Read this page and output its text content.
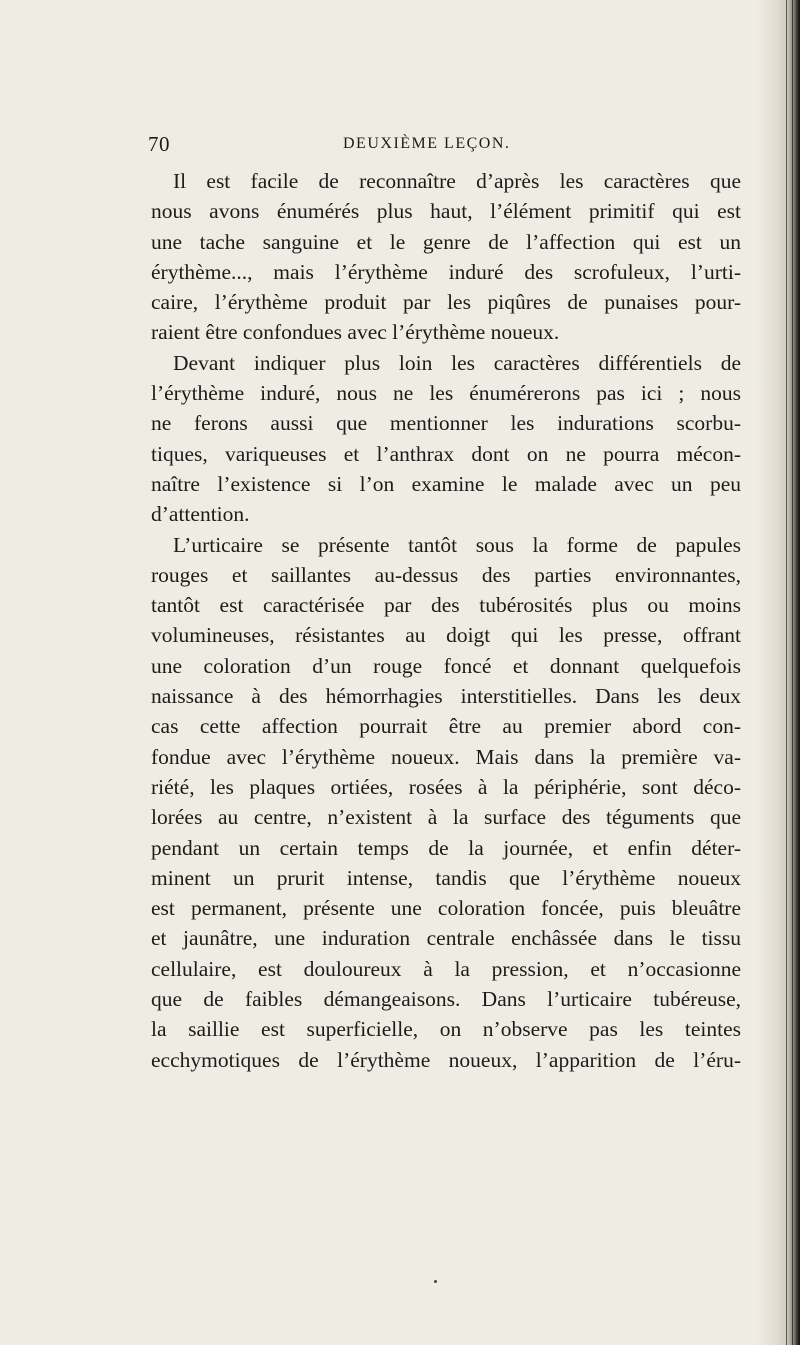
70	DEUXIÈME LEÇON.
Il est facile de reconnaître d’après les caractères que
nous avons énumérés plus haut, l’élément primitif qui est
une tache sanguine et le genre de l’affection qui est un
érythème..., mais l’érythème induré des scrofuleux, l’urti-
caire, l’érythème produit par les piqûres de punaises pour-
raient être confondues avec l’érythème noueux.
Devant indiquer plus loin les caractères différentiels de
l’érythème induré, nous ne les énumérerons pas ici ; nous
ne ferons aussi que mentionner les indurations scorbu-
tiques, variqueuses et l’anthrax dont on ne pourra mécon-
naître l’existence si l’on examine le malade avec un peu
d’attention.
L’urticaire se présente tantôt sous la forme de papules
rouges et saillantes au-dessus des parties environnantes,
tantôt est caractérisée par des tubérosités plus ou moins
volumineuses, résistantes au doigt qui les presse, offrant
une coloration d’un rouge foncé et donnant quelquefois
naissance à des hémorrhagies interstitielles. Dans les deux
cas cette affection pourrait être au premier abord con-
fondue avec l’érythème noueux. Mais dans la première va-
riété, les plaques ortiées, rosées à la périphérie, sont déco-
lorées au centre, n’existent à la surface des téguments que
pendant un certain temps de la journée, et enfin déter-
minent un prurit intense, tandis que l’érythème noueux
est permanent, présente une coloration foncée, puis bleuâtre
et jaunâtre, une induration centrale enchâssée dans le tissu
cellulaire, est douloureux à la pression, et n’occasionne
que de faibles démangeaisons. Dans l’urticaire tubéreuse,
la saillie est superficielle, on n’observe pas les teintes
ecchymotiques de l’érythème noueux, l’apparition de l’éru-
